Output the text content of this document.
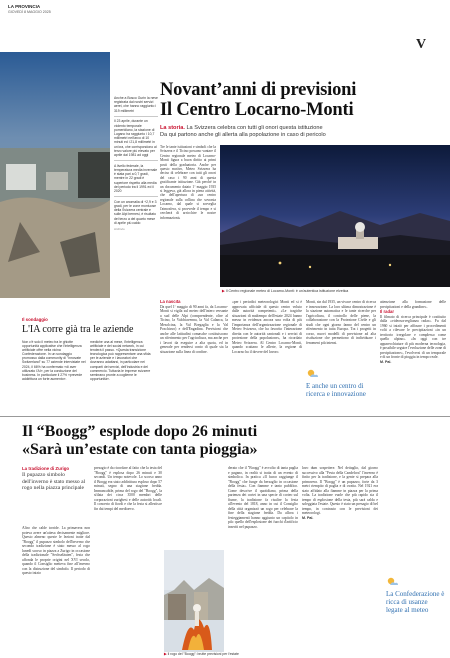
LA PROVINCIA
GIOVEDÌ 8 MAGGIO 2025
V
Anche a Bosco Gurin la neve registrata dal nostri servizi aerei, che hanno raggiunto i 319 millimetri
Il 23 aprile, durante un violento temporale pomeridiano, la stazione di Lugano ha raggiunto i 10,7 millimetri nell'arco di 10 minuti ed i 21,8 millimetri in un'ora, che corrispondono al terzo valore più elevato per aprile dal 1981 ad oggi
A livello federale, la temperatura media invernale è stata pari a 0,7 gradi, mentre in 22 gradi è superiore rispetto alla media del periodo tra il 1991 ed il 2020
Con un anomalia di +2,9 e 3 gradi, per le zone montuose della Svizzera centrale e sulle Alpi bernesi, è risultato del terzo a del quarto mese di aprile più caldo
Archivio
Novant’anni di previsioni
Il Centro Locarno-Monti
La storia. La Svizzera celebra con tutti gli onori questa istituzione
Da qui partono anche gli allerta alla popolazione in caso di pericolo
Tre le tante istituzioni e simboli che la Svizzera e il Ticino possono vantare il Centro regionale meteo di Locarno-Monti figura a buon diritto ai primi posti della graduatoria. Anche per questo motivo, Meteo Svizzera ha deciso di celebrare con tutti gli onori del caso i 90 anni di questa gratificante istituzione. Già perché in un documento datato 1º maggio 1935 si leggeva, già allora in piena attività, che dell'apertura di «un centro regionale sulla collina che sovrasta Locarno, dal quale si sorveglia l'atmosfera, si provvede il tempo e si cercherà di arricchire le nostre informazioni»
▶ Il Centro regionale meteo di Locarno-Monti: è un'autentica istituzione elvetica
La nascita
Da quel 1º maggio di 90 anni fa, da Locarno-Monti si vigila sul meteo dell'intero versante a sud delle Alpi (comprendente, oltre al Ticino, la Valchiavenna, la Val Calanca, la Mesolcina, la Val Bregaglia e la Val Poschiavo) e dell'Engadina. Previsioni che anche alle latitudini comasche costituiscono un riferimento per l'agricoltura, ma anche per i lavori da eseguire a alta quota, ed in generale per rendersi conto di quale sia la situazione sulla linea di confine.
«per i periodici meteorologici Monti ed si è approvata ufficiale di questo centro voluto dalle autorità competenti». «Le tragiche situazioni di maltempo dell'estate 2024 hanno messo in evidenza ancora una volta di più l'importanza dell'organizzazione regionale di Meteo Svizzera, che ha favorito l'interazione diretta con le autorità cantonali e i servizi di protezione della popolazione», ha ricordato Meteo Svizzera. Al Centro Locarno-Monti, quando scattano le allerte, la regione di Locarno ha il dovere del lavoro.
Monti, sin dal 1935, un vivace centro di ricerca e innovazione. La loro ultima dimostrazione è la stazione automatica e le tante ricerche per l'agricoltura, il controllo delle piene, la collaborazione con la Protezione Civile e gli studi che ogni giorno fanno del centro un riferimento in tutta Europa. Tra i progetti in corso, nuovi modelli di previsione ad alta risoluzione che permettono di individuare i fenomeni più intensi.
E anche un centro di ricerca e innovazione
attenzione alla formazione delle precipitazioni e della grandine».
Il radar
Il filmato di ricerca principale è costituito dalla «videosorveglianza radar». Fu dal 1960 si iniziò per affinare i procedimenti volti a rilevare le precipitazioni «in un territorio irregolare e complesso come quello alpino». «In oggi con tre apparecchiature di più moderna tecnologia, è possibile seguire l'evoluzione delle zone di precipitazione», l'evolversi di un temporale e di un fronte di pioggia in tempo reale.
M. Pal.
Il sondaggio
L'IA corre già tra le aziende
Non c'è solo il meteo tra le ghiotte opportunità applicative che l'intelligenza artificiale offre nella vicina Confederazione. In un sondaggio promosso dalla community di "Innovate Switzerland" su 77 aziende intervistate nel 2024, il 66% ha confermato «di aver utilizzato l'AI», per la conduzione del business. In particolare il 27% «prevede addirittura un forte aumento».
mediche una al mese, l'intelligenza artificiale e dei social network, in cui tenderà il passo. «Questa transizione tecnologica può rappresentare una sfida per le aziende e i lavoratori che dovranno adattarsi, in particolare nei comparti dei servizi, dell'industria e del commercio. Tuttavia le imprese svizzere sembrano pronte a coglierne le opportunità».
Il “Boogg” esplode dopo 26 minuti
«Sarà un’estate con tanta pioggia»
La tradizione di Zurigo
Il pupazzo simbolo dell'inverno è stato messo al rogo nella piazza principale
Altro che calde torride. La primavera non poteva avere un'attesa decisamente migliore. Questo almeno queste le lezioni tratte dal "Boogg" il pupazzo simbolo dell'inverno che secondo tradizione è stato messo al rogo lunedì scorso in piazza a Zurigo in occasione della tradizionale "Sechseläuten", festa che affonda le proprie origini nel XVI secolo, quando il Consiglio metteva fine all'inverno con la distruzione del simbolo. Il periodo di questo inizio
presagio è da ricordare al fatto che la testa del "Boogg" è esplosa dopo 26 minuti e 30 secondi. Un tempo notevole. Lo scorso anno il Boogg era stato addirittura esploso dopo 57 minuti, segno di una stagione fredda. Immancabile, prima del rogo del "Boogg", la sfilata dei circa 3500 membri delle corporazioni zurighesi e delle autorità locali. Il concerto di fiordi e che la festa si allestisce fin dai tempi del medioevo.
▶ Il rogo del "Boogg": brutte previsioni per l'estate
derato che il "Boogg" è avvolto di tanta paglia e pagano, in realtà si tratta di un evento di simbolico. In pratica «Il fuoco raggiunge il "Boogg" che funge da bersaglio in occasione della festa». Con fiamme e tanto pubblico. Come descrive il quotidiano, prima della partenza dei cortei in una specie di corteo sul fiume, la tradizione fa risalire la festa all'evento del 1818, anno in cui il Consiglio della città organizzò un rogo per celebrare la fine della stagione fredda. Da allora i festeggiamenti hanno aggiunto un capitolo in più: quello dell'esplosione dei fuochi d'artificio inseriti nel pupazzo.
lavo dum sospettere. Nel dettaglio, dal giorno successivo alla "Festa della Candelora" l'inverno è finito per la tradizione, e la gente si prepara alla primavera. Il "Boogg" è un pupazzo, forte da 3 metri riempito di paglia e di ovatta. Nel 1921 era stato affidato alla fiamme in piazza per la prima volta. La tradizione vuole che più rapido sia il tempo di esplosione della testa, più sarà calda e soleggiata l'estate. Questo è stato un presagio di bel tempo, in contrasto con le previsioni dei meteorologi.
M. Pal.
La Confederazione è ricca di usanze legate al meteo
